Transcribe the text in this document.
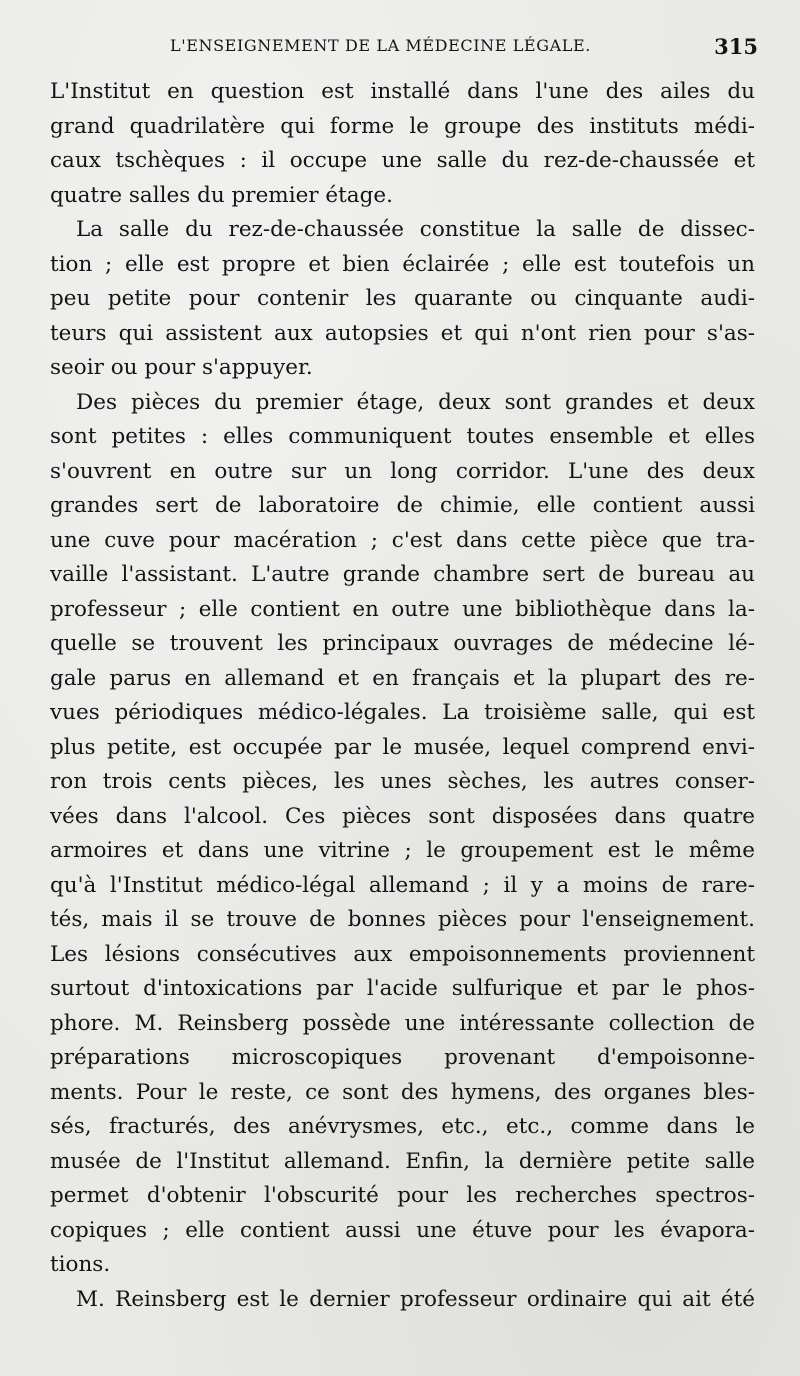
L'ENSEIGNEMENT DE LA MÉDECINE LÉGALE.	315
L'Institut en question est installé dans l'une des ailes du
grand quadrilatère qui forme le groupe des instituts médi-
caux tschèques : il occupe une salle du rez-de-chaussée et
quatre salles du premier étage.
La salle du rez-de-chaussée constitue la salle de dissec-
tion ; elle est propre et bien éclairée ; elle est toutefois un
peu petite pour contenir les quarante ou cinquante audi-
teurs qui assistent aux autopsies et qui n'ont rien pour s'as-
seoir ou pour s'appuyer.
Des pièces du premier étage, deux sont grandes et deux
sont petites : elles communiquent toutes ensemble et elles
s'ouvrent en outre sur un long corridor. L'une des deux
grandes sert de laboratoire de chimie, elle contient aussi
une cuve pour macération ; c'est dans cette pièce que tra-
vaille l'assistant. L'autre grande chambre sert de bureau au
professeur ; elle contient en outre une bibliothèque dans la-
quelle se trouvent les principaux ouvrages de médecine lé-
gale parus en allemand et en français et la plupart des re-
vues périodiques médico-légales. La troisième salle, qui est
plus petite, est occupée par le musée, lequel comprend envi-
ron trois cents pièces, les unes sèches, les autres conser-
vées dans l'alcool. Ces pièces sont disposées dans quatre
armoires et dans une vitrine ; le groupement est le même
qu'à l'Institut médico-légal allemand ; il y a moins de rare-
tés, mais il se trouve de bonnes pièces pour l'enseignement.
Les lésions consécutives aux empoisonnements proviennent
surtout d'intoxications par l'acide sulfurique et par le phos-
phore. M. Reinsberg possède une intéressante collection de
préparations microscopiques provenant d'empoisonne-
ments. Pour le reste, ce sont des hymens, des organes bles-
sés, fracturés, des anévrysmes, etc., etc., comme dans le
musée de l'Institut allemand. Enfin, la dernière petite salle
permet d'obtenir l'obscurité pour les recherches spectros-
copiques ; elle contient aussi une étuve pour les évapora-
tions.
M. Reinsberg est le dernier professeur ordinaire qui ait été
